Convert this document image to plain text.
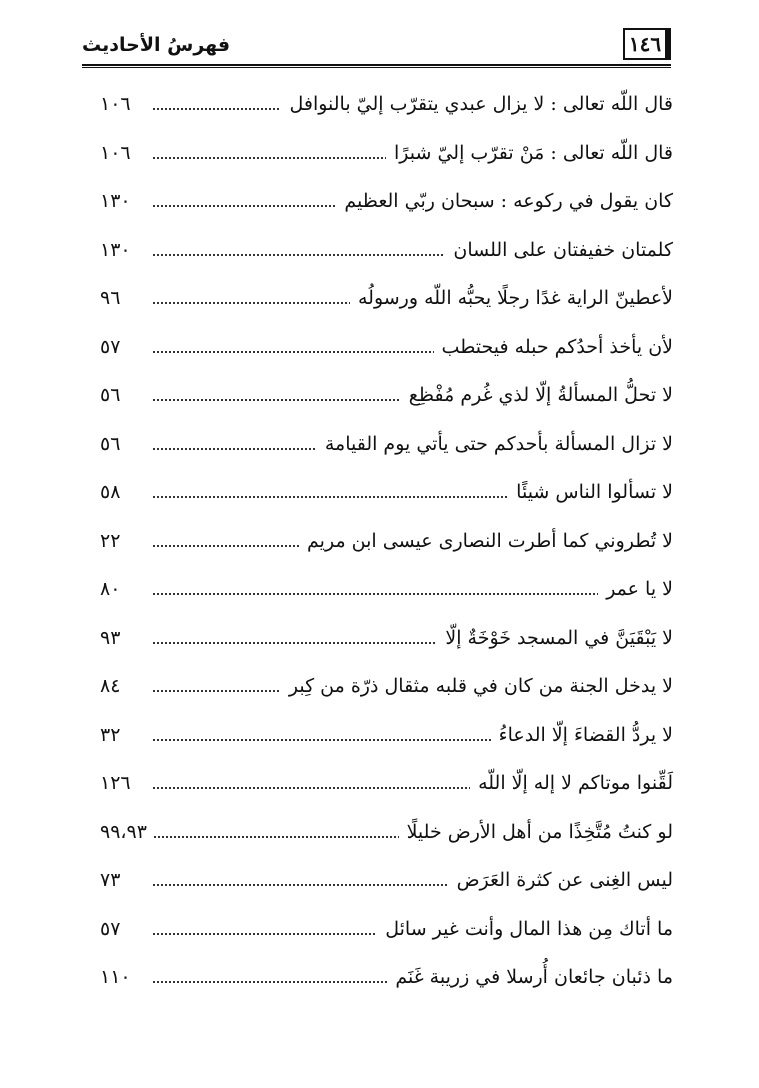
فهرسُ الأحاديث	١٤٦
قال اللّه تعالى : لا يزال عبدي يتقرّب إليّ بالنوافل
١٠٦
قال اللّه تعالى : مَنْ تقرّب إليّ شبرًا
١٠٦
كان يقول في ركوعه : سبحان ربّي العظيم
١٣٠
كلمتان خفيفتان على اللسان
١٣٠
لأعطينّ الراية غدًا رجلًا يحبُّه اللّه ورسولُه
٩٦
لأن يأخذ أحدُكم حبله فيحتطب
٥٧
لا تحلُّ المسألةُ إلّا لذي غُرم مُفْظِع
٥٦
لا تزال المسألة بأحدكم حتى يأتي يوم القيامة
٥٦
لا تسألوا الناس شيئًا
٥٨
لا تُطروني كما أطرت النصارى عيسى ابن مريم
٢٢
لا يا عمر
٨٠
لا يَبْقَيَنَّ في المسجد خَوْخَةٌ إلّا
٩٣
لا يدخل الجنة من كان في قلبه مثقال ذرّة من كِبر
٨٤
لا يردُّ القضاءَ إلّا الدعاءُ
٣٢
لَقِّنوا موتاكم لا إله إلّا اللّه
١٢٦
لو كنتُ مُتَّخِذًا من أهل الأرض خليلًا
٩٩،٩٣
ليس الغِنى عن كثرة العَرَض
٧٣
ما أتاك مِن هذا المال وأنت غير سائل
٥٧
ما ذئبان جائعان أُرسلا في زريبة غَنَم
١١٠
